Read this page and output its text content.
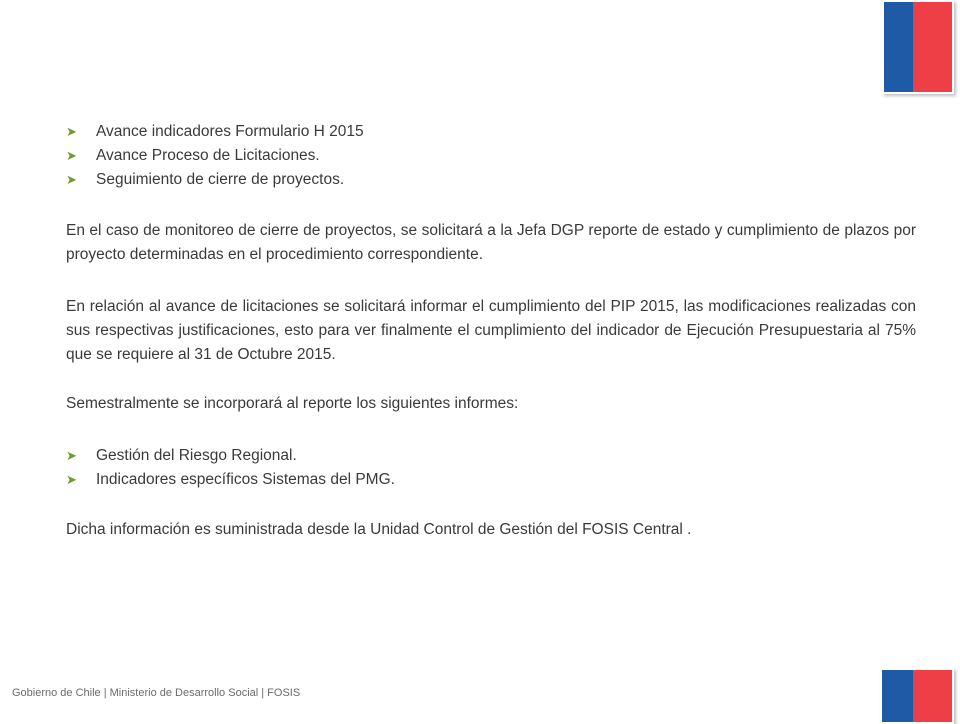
➤	Avance indicadores Formulario H 2015
➤	Avance Proceso de Licitaciones.
➤	Seguimiento de cierre de proyectos.

En el caso de monitoreo de cierre de proyectos, se solicitará a la Jefa DGP reporte de estado y cumplimiento de plazos por proyecto determinadas en el procedimiento correspondiente.

En relación al avance de licitaciones se solicitará informar el cumplimiento del PIP 2015, las modificaciones realizadas con sus respectivas justificaciones, esto para ver finalmente el cumplimiento del indicador de Ejecución Presupuestaria al 75% que se requiere al 31 de Octubre 2015.

Semestralmente se incorporará al reporte los siguientes informes:

➤	Gestión del Riesgo Regional.
➤	Indicadores específicos Sistemas del PMG.

Dicha información es suministrada desde la Unidad Control de Gestión del FOSIS Central .

Gobierno de Chile | Ministerio de Desarrollo Social | FOSIS
